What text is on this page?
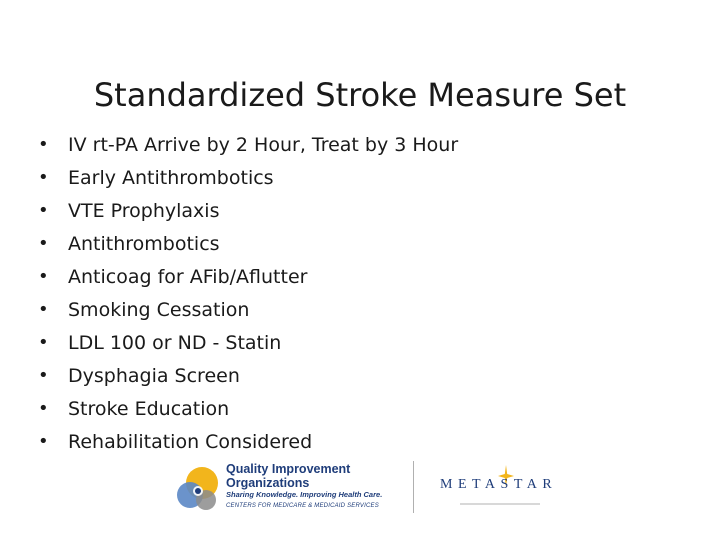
Standardized Stroke Measure Set
•	IV rt-PA Arrive by 2 Hour, Treat by 3 Hour
•	Early Antithrombotics
•	VTE Prophylaxis
•	Antithrombotics
•	Anticoag for AFib/Aflutter
•	Smoking Cessation
•	LDL 100 or ND - Statin
•	Dysphagia Screen
•	Stroke Education
•	Rehabilitation Considered
Quality Improvement
Organizations
Sharing Knowledge. Improving Health Care.
CENTERS FOR MEDICARE & MEDICAID SERVICES
METASTAR
